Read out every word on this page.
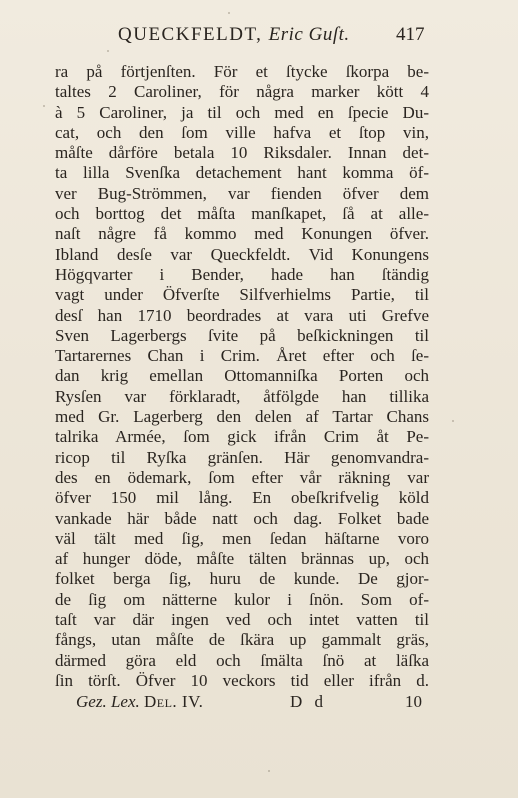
QUECKFELDT, Eric Guſt. 417
ra på förtjenſten. För et ſtycke ſkorpa be-
taltes 2 Caroliner, för några marker kött 4
à 5 Caroliner, ja til och med en ſpecie Du-
cat, och den ſom ville hafva et ſtop vin,
måſte dårföre betala 10 Riksdaler. Innan det-
ta lilla Svenſka detachement hant komma öf-
ver Bug-Strömmen, var fienden öfver dem
och borttog det måſta manſkapet, ſå at alle-
naſt någre få kommo med Konungen öfver.
Ibland desſe var Queckfeldt. Vid Konungens
Högqvarter i Bender, hade han ſtändig
vagt under Öfverſte Silfverhielms Partie, til
desſ han 1710 beordrades at vara uti Grefve
Sven Lagerbergs ſvite på beſkickningen til
Tartarernes Chan i Crim. Året efter och ſe-
dan krig emellan Ottomanniſka Porten och
Rysſen var förklaradt, åtfölgde han tillika
med Gr. Lagerberg den delen af Tartar Chans
talrika Armée, ſom gick ifrån Crim åt Pe-
ricop til Ryſka gränſen. Här genomvandra-
des en ödemark, ſom efter vår räkning var
öfver 150 mil lång. En obeſkrifvelig köld
vankade här både natt och dag. Folket bade
väl tält med ſig, men ſedan häſtarne voro
af hunger döde, måſte tälten brännas up, och
folket berga ſig, huru de kunde. De gjor-
de ſig om nätterne kulor i ſnön. Som of-
taſt var där ingen ved och intet vatten til
fångs, utan måſte de ſkära up gammalt gräs,
därmed göra eld och ſmälta ſnö at läſka
ſin törſt. Öfver 10 veckors tid eller ifrån d.
Gez. Lex. Del. IV.	D d	10
